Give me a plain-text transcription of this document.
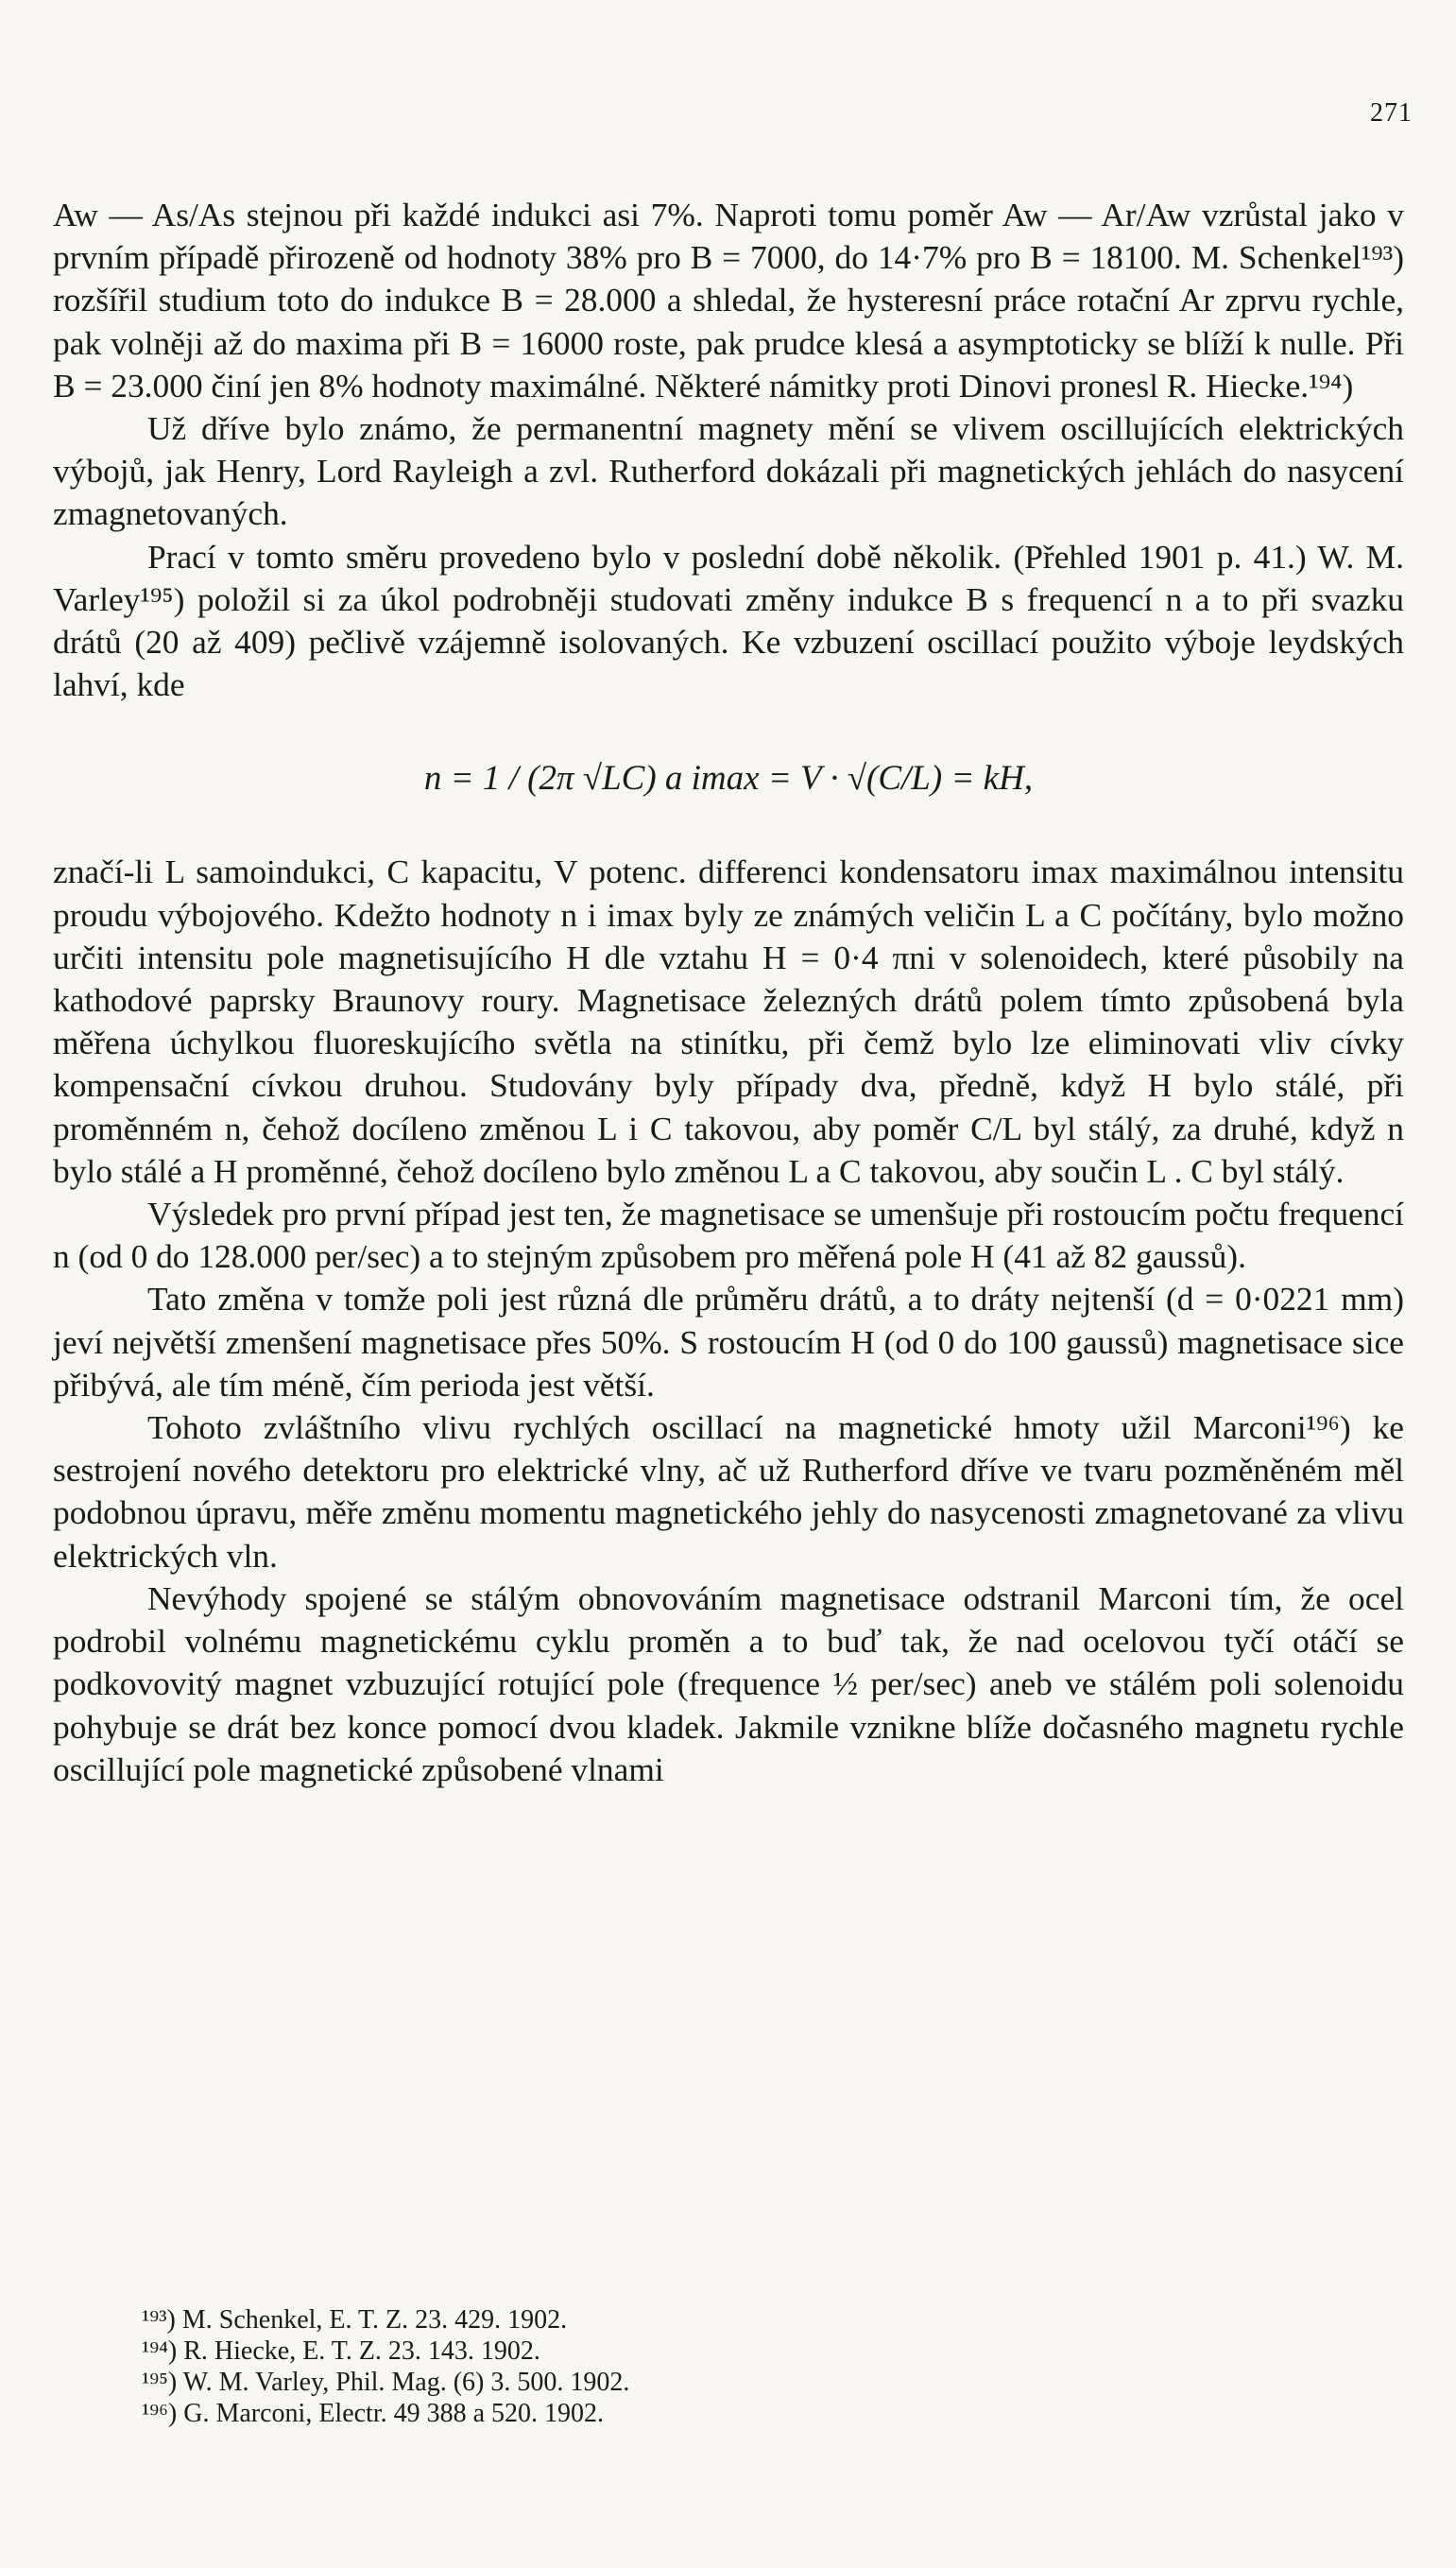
271

Aw — As/As stejnou při každé indukci asi 7%. Naproti tomu poměr Aw — Ar/Aw vzrůstal jako v prvním případě přirozeně od hodnoty 38% pro B = 7000, do 14·7% pro B = 18100. M. Schenkel¹⁹³) rozšířil studium toto do indukce B = 28.000 a shledal, že hysteresní práce rotační Ar zprvu rychle, pak volněji až do maxima při B = 16000 roste, pak prudce klesá a asymptoticky se blíží k nulle. Při B = 23.000 činí jen 8% hodnoty maximálné. Některé námitky proti Dinovi pronesl R. Hiecke.¹⁹⁴)

Už dříve bylo známo, že permanentní magnety mění se vlivem oscillujících elektrických výbojů, jak Henry, Lord Rayleigh a zvl. Rutherford dokázali při magnetických jehlách do nasycení zmagnetovaných.

Prací v tomto směru provedeno bylo v poslední době několik. (Přehled 1901 p. 41.) W. M. Varley¹⁹⁵) položil si za úkol podrobněji studovati změny indukce B s frequencí n a to při svazku drátů (20 až 409) pečlivě vzájemně isolovaných. Ke vzbuzení oscillací použito výboje leydských lahví, kde

n = 1 / (2π √LC) a imax = V · √(C/L) = kH,

značí-li L samoindukci, C kapacitu, V potenc. differenci kondensatoru imax maximálnou intensitu proudu výbojového. Kdežto hodnoty n i imax byly ze známých veličin L a C počítány, bylo možno určiti intensitu pole magnetisujícího H dle vztahu H = 0·4 πni v solenoidech, které působily na kathodové paprsky Braunovy roury. Magnetisace železných drátů polem tímto způsobená byla měřena úchylkou fluoreskujícího světla na stinítku, při čemž bylo lze eliminovati vliv cívky kompensační cívkou druhou. Studovány byly případy dva, předně, když H bylo stálé, při proměnném n, čehož docíleno změnou L i C takovou, aby poměr C/L byl stálý, za druhé, když n bylo stálé a H proměnné, čehož docíleno bylo změnou L a C takovou, aby součin L . C byl stálý.

Výsledek pro první případ jest ten, že magnetisace se umenšuje při rostoucím počtu frequencí n (od 0 do 128.000 per/sec) a to stejným způsobem pro měřená pole H (41 až 82 gaussů).

Tato změna v tomže poli jest různá dle průměru drátů, a to dráty nejtenší (d = 0·0221 mm) jeví největší zmenšení magnetisace přes 50%. S rostoucím H (od 0 do 100 gaussů) magnetisace sice přibývá, ale tím méně, čím perioda jest větší.

Tohoto zvláštního vlivu rychlých oscillací na magnetické hmoty užil Marconi¹⁹⁶) ke sestrojení nového detektoru pro elektrické vlny, ač už Rutherford dříve ve tvaru pozměněném měl podobnou úpravu, měře změnu momentu magnetického jehly do nasycenosti zmagnetované za vlivu elektrických vln.

Nevýhody spojené se stálým obnovováním magnetisace odstranil Marconi tím, že ocel podrobil volnému magnetickému cyklu proměn a to buď tak, že nad ocelovou tyčí otáčí se podkovovitý magnet vzbuzující rotující pole (frequence ½ per/sec) aneb ve stálém poli solenoidu pohybuje se drát bez konce pomocí dvou kladek. Jakmile vznikne blíže dočasného magnetu rychle oscillující pole magnetické způsobené vlnami

¹⁹³) M. Schenkel, E. T. Z. 23. 429. 1902.
¹⁹⁴) R. Hiecke, E. T. Z. 23. 143. 1902.
¹⁹⁵) W. M. Varley, Phil. Mag. (6) 3. 500. 1902.
¹⁹⁶) G. Marconi, Electr. 49 388 a 520. 1902.
